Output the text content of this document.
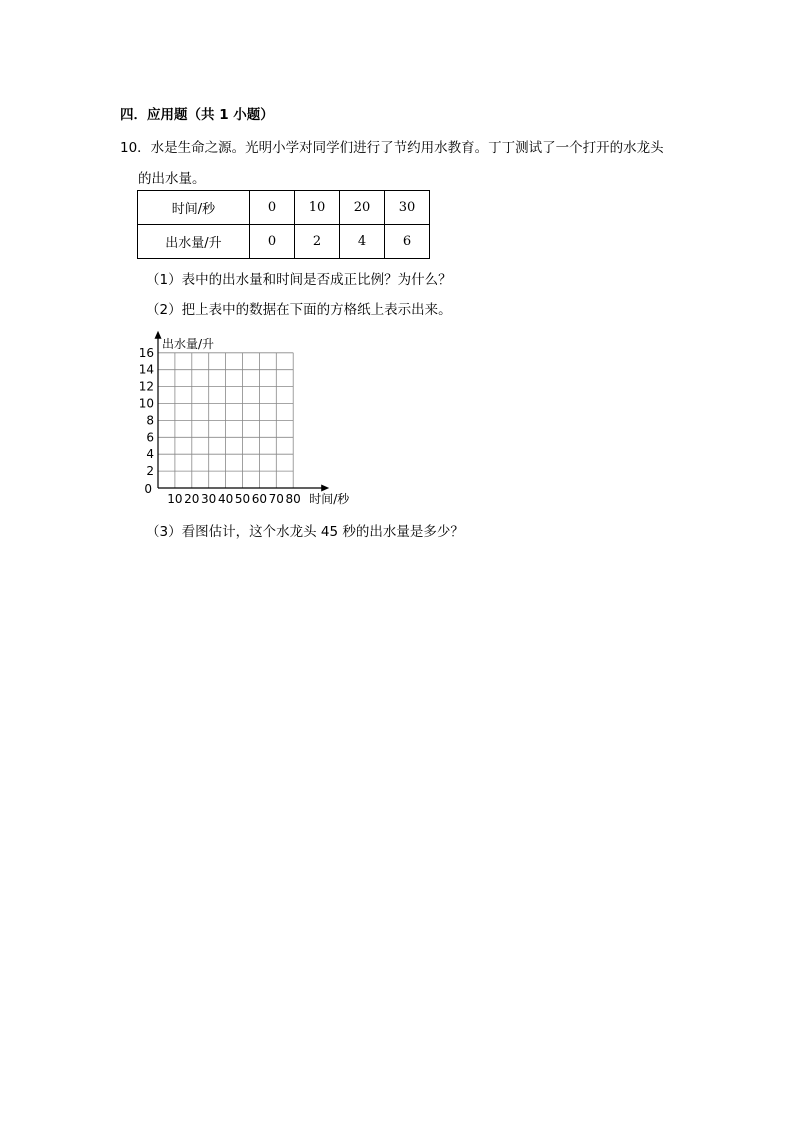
四．应用题（共 1 小题）
10．水是生命之源。光明小学对同学们进行了节约用水教育。丁丁测试了一个打开的水龙头
的出水量。
时间/秒	0	10	20	30
出水量/升	0	2	4	6
（1）表中的出水量和时间是否成正比例？为什么？
（2）把上表中的数据在下面的方格纸上表示出来。
出水量/升
时间/秒
0
2
4
6
8
10
12
14
16
10 20 30 40 50 60 70 80
（3）看图估计，这个水龙头 45 秒的出水量是多少？
